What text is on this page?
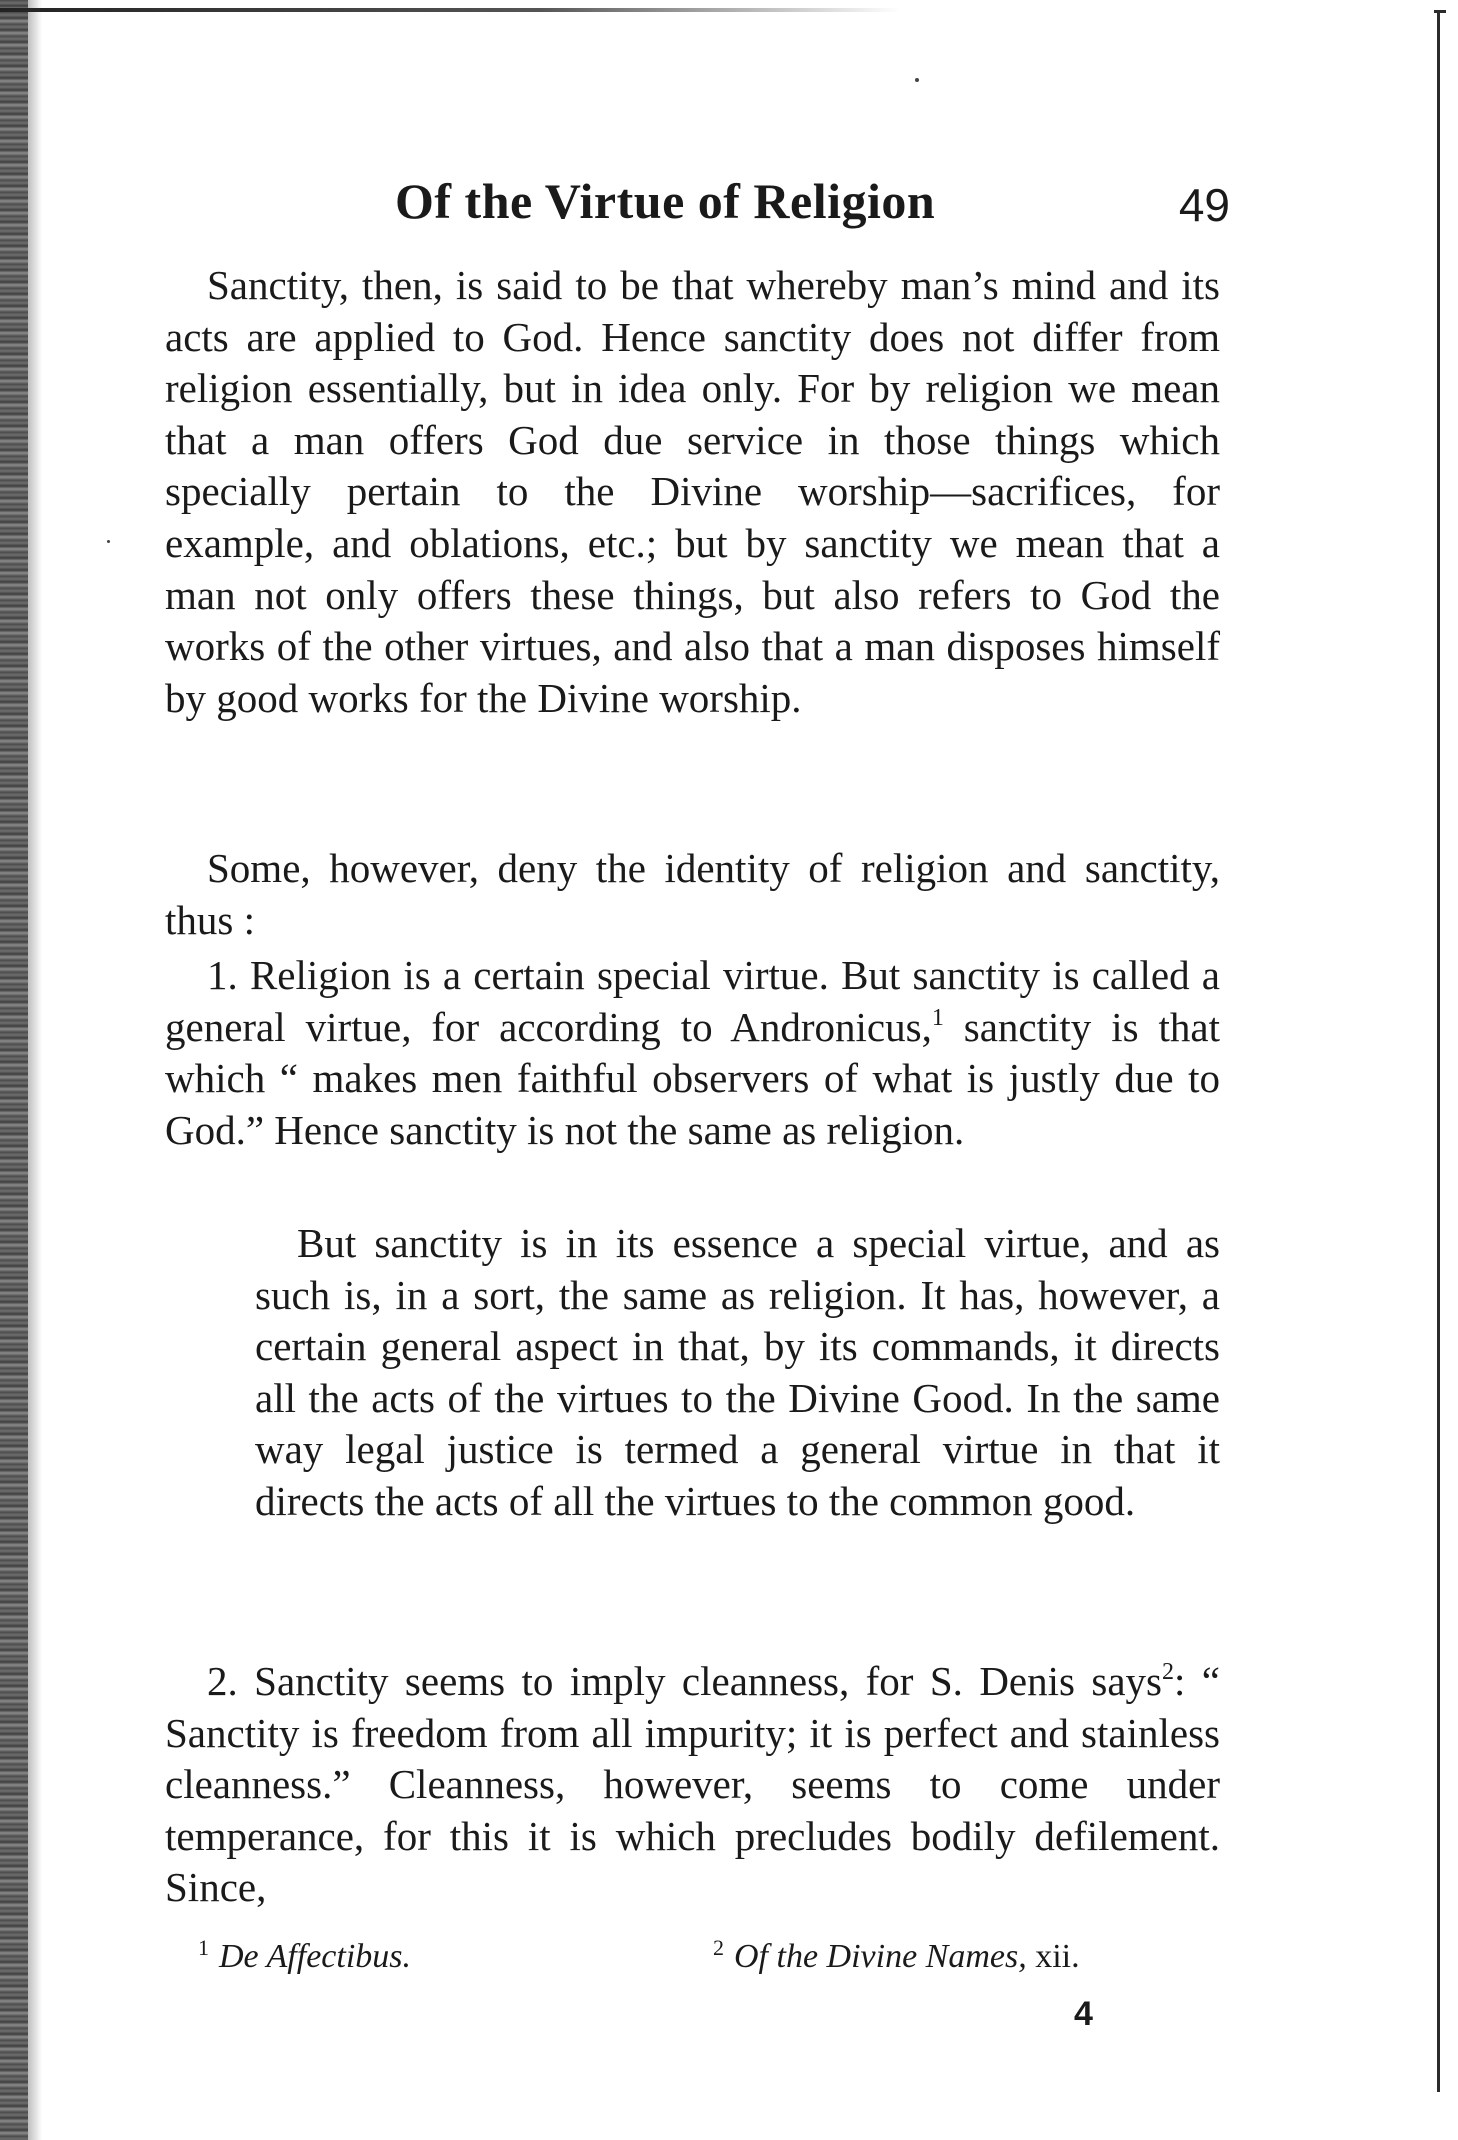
Of the Virtue of Religion	49

Sanctity, then, is said to be that whereby man’s mind and its acts are applied to God. Hence sanctity does not differ from religion essentially, but in idea only. For by religion we mean that a man offers God due service in those things which specially pertain to the Divine worship—sacrifices, for example, and oblations, etc.; but by sanctity we mean that a man not only offers these things, but also refers to God the works of the other virtues, and also that a man disposes himself by good works for the Divine worship.

Some, however, deny the identity of religion and sanctity, thus :

1. Religion is a certain special virtue. But sanctity is called a general virtue, for according to Andronicus,$^1$ sanctity is that which “ makes men faithful observers of what is justly due to God.” Hence sanctity is not the same as religion.

But sanctity is in its essence a special virtue, and as such is, in a sort, the same as religion. It has, however, a certain general aspect in that, by its commands, it directs all the acts of the virtues to the Divine Good. In the same way legal justice is termed a general virtue in that it directs the acts of all the virtues to the common good.

2. Sanctity seems to imply cleanness, for S. Denis says$^2$: “ Sanctity is freedom from all impurity; it is perfect and stainless cleanness.” Cleanness, however, seems to come under temperance, for this it is which precludes bodily defilement. Since,

$^1$ De Affectibus.	$^2$ Of the Divine Names, xii.
4
